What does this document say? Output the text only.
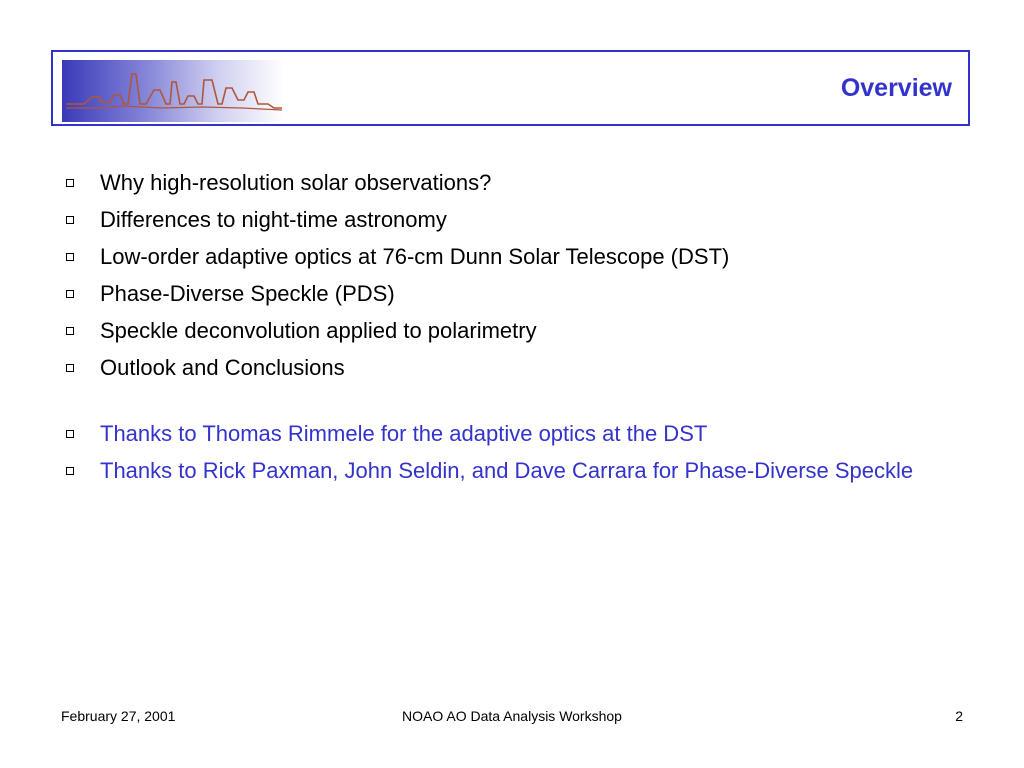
Overview
Why high-resolution solar observations?
Differences to night-time astronomy
Low-order adaptive optics at 76-cm Dunn Solar Telescope (DST)
Phase-Diverse Speckle (PDS)
Speckle deconvolution applied to polarimetry
Outlook and Conclusions
Thanks to Thomas Rimmele for the adaptive optics at the DST
Thanks to Rick Paxman, John Seldin, and Dave Carrara for Phase-Diverse Speckle
February 27, 2001	NOAO AO Data Analysis Workshop	2
